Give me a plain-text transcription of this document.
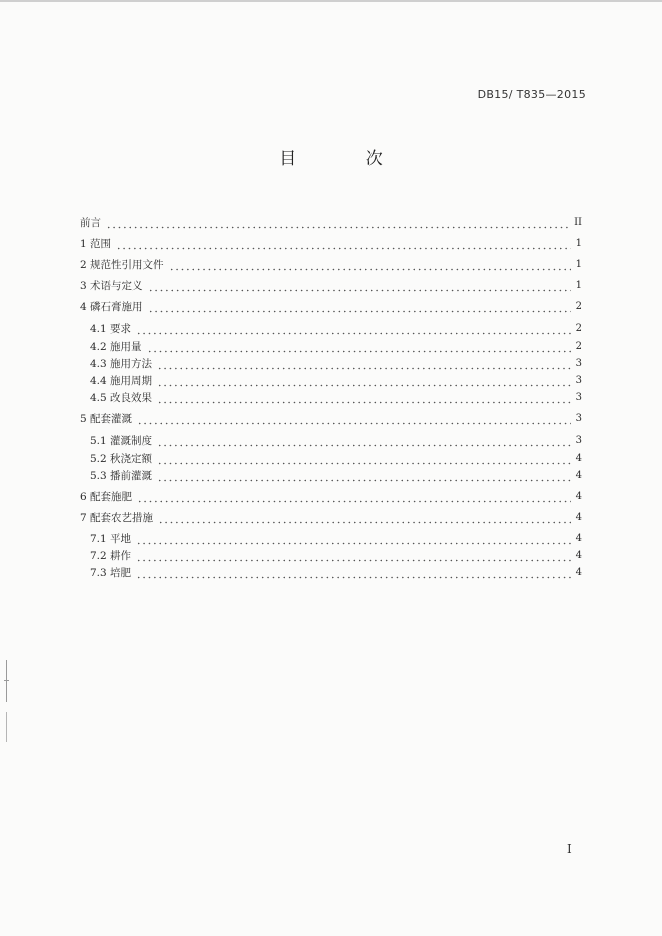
DB15/ T835—2015
目 次
前言	II
1 范围	1
2 规范性引用文件	1
3 术语与定义	1
4 磷石膏施用	2
4.1 要求	2
4.2 施用量	2
4.3 施用方法	3
4.4 施用周期	3
4.5 改良效果	3
5 配套灌溉	3
5.1 灌溉制度	3
5.2 秋浇定额	4
5.3 播前灌溉	4
6 配套施肥	4
7 配套农艺措施	4
7.1 平地	4
7.2 耕作	4
7.3 培肥	4
I
